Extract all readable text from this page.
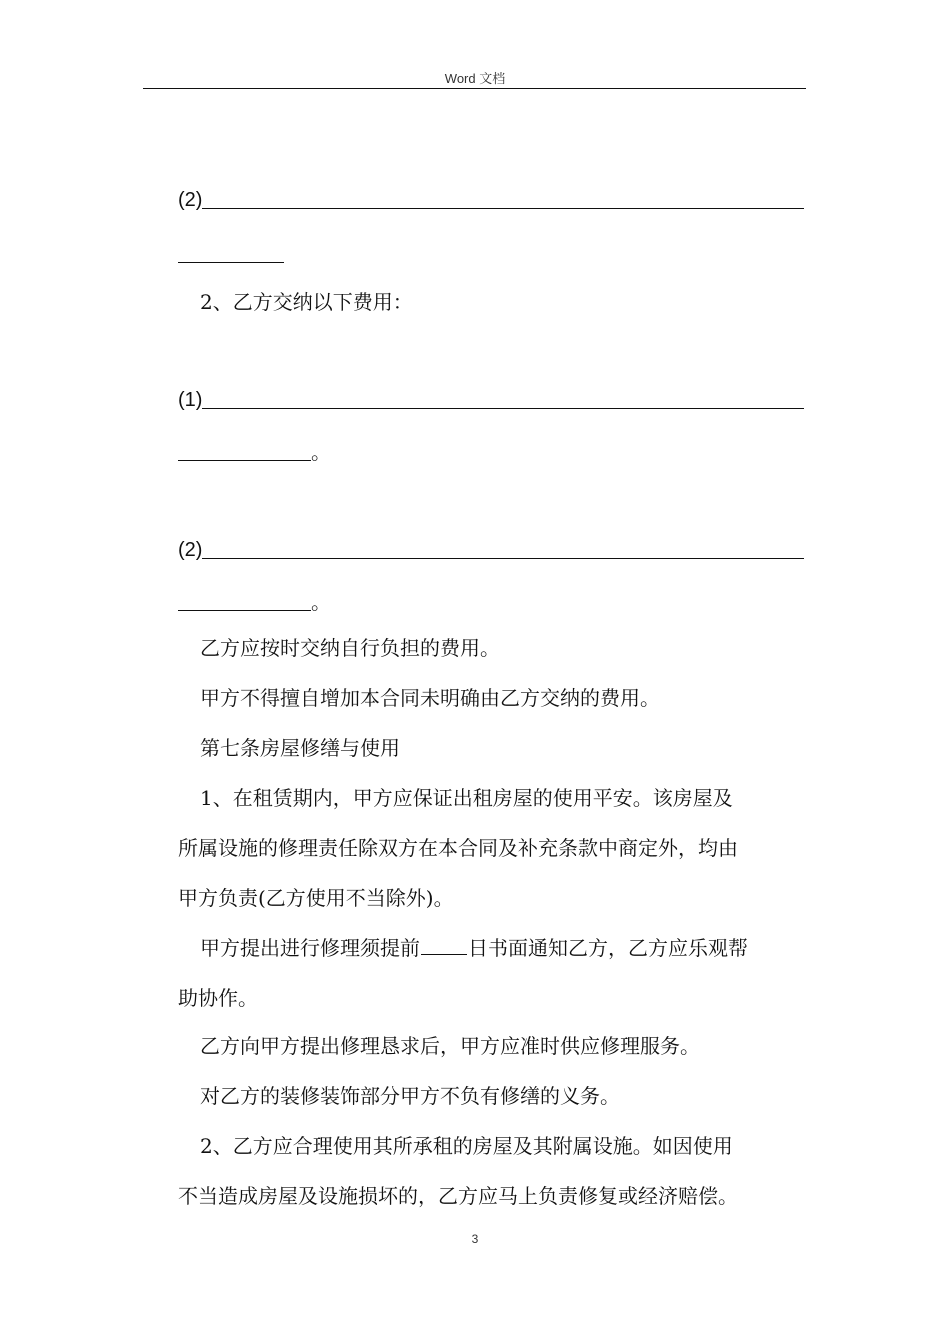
Word 文档
(2)
2、乙方交纳以下费用：
(1)
。
(2)
。
乙方应按时交纳自行负担的费用。
甲方不得擅自增加本合同未明确由乙方交纳的费用。
第七条房屋修缮与使用
1、在租赁期内，甲方应保证出租房屋的使用平安。该房屋及
所属设施的修理责任除双方在本合同及补充条款中商定外，均由
甲方负责(乙方使用不当除外)。
甲方提出进行修理须提前 日书面通知乙方，乙方应乐观帮
助协作。
乙方向甲方提出修理恳求后，甲方应准时供应修理服务。
对乙方的装修装饰部分甲方不负有修缮的义务。
2、乙方应合理使用其所承租的房屋及其附属设施。如因使用
不当造成房屋及设施损坏的，乙方应马上负责修复或经济赔偿。
3
